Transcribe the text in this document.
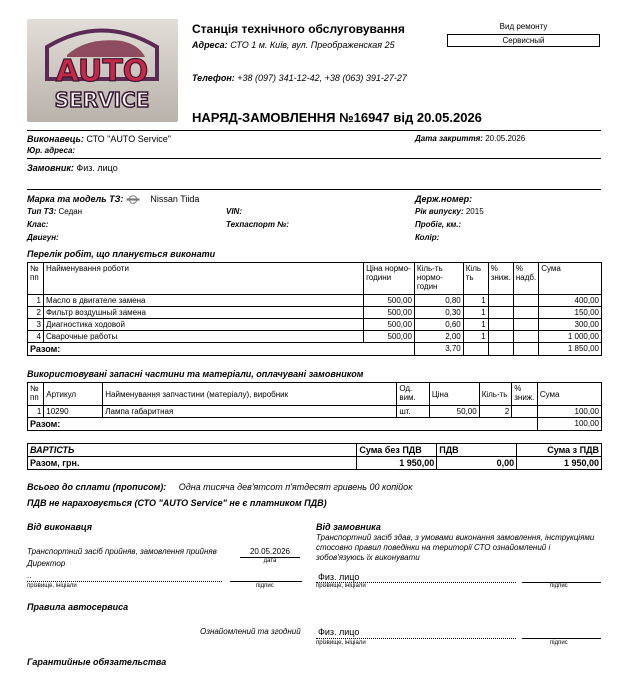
AUTO
SERVICE
Станція технічного обслуговування
Адреса: СТО 1 м. Київ, вул. Преображенская 25
Телефон: +38 (097) 341-12-42, +38 (063) 391-27-27
Вид ремонту
Сервисный
НАРЯД-ЗАМОВЛЕННЯ №16947 від 20.05.2026
Виконавець: СТО "AUTO Service"
Юр. адреса:
Дата закриття: 20.05.2026
Замовник: Физ. лицо
Марка та модель ТЗ:	Nissan Tiida
Тип ТЗ: Седан
Клас:
Двигун:
VIN:
Техпаспорт №:
Держ.номер:
Рік випуску: 2015
Пробіг, км.:
Колір:
Перелік робіт, що планується виконати
№ пп	Найменування роботи	Ціна нормо-години	Кіль-ть нормо-годин	Кіль ть	% зниж.	% надб.	Сума
1	Масло в двигателе замена	500,00	0,80	1			400,00
2	Фильтр воздушный замена	500,00	0,30	1			150,00
3	Диагностика ходовой	500,00	0,60	1			300,00
4	Сварочные работы	500,00	2,00	1			1 000,00
Разом:			3,70				1 850,00
Використовувані запасні частини та матеріали, оплачувані замовником
№ пп	Артикул	Найменування запчастини (матеріалу), виробник	Од. вим.	Ціна	Кіль-ть	% зниж.	Сума
1	10290	Лампа габаритная	шт.	50,00	2		100,00
Разом:							100,00
ВАРТІСТЬ	Сума без ПДВ	ПДВ	Сума з ПДВ
Разом, грн.	1 950,00	0,00	1 950,00
Всього до сплати (прописом): Одна тисяча дев'ятсот п'ятдесят гривень 00 копійок
ПДВ не нараховується (СТО "AUTO Service" не є платником ПДВ)
Від виконавця
Транспортний засіб прийняв, замовлення прийняв
Директор
20.05.2026
дата
..
прізвище, ініціали	підпис
Від замовника
Транспортний засіб здав, з умовами виконання замовлення, інструкціями стосовно правил поведінки на території СТО ознайомлений і зобов'язуюсь їх виконувати
Физ. лицо
прізвище, ініціали	підпис
Правила автосервиса
Ознайомлений та згодний Физ. лицо
прізвище, ініціали	підпис
Гарантийные обязательства
